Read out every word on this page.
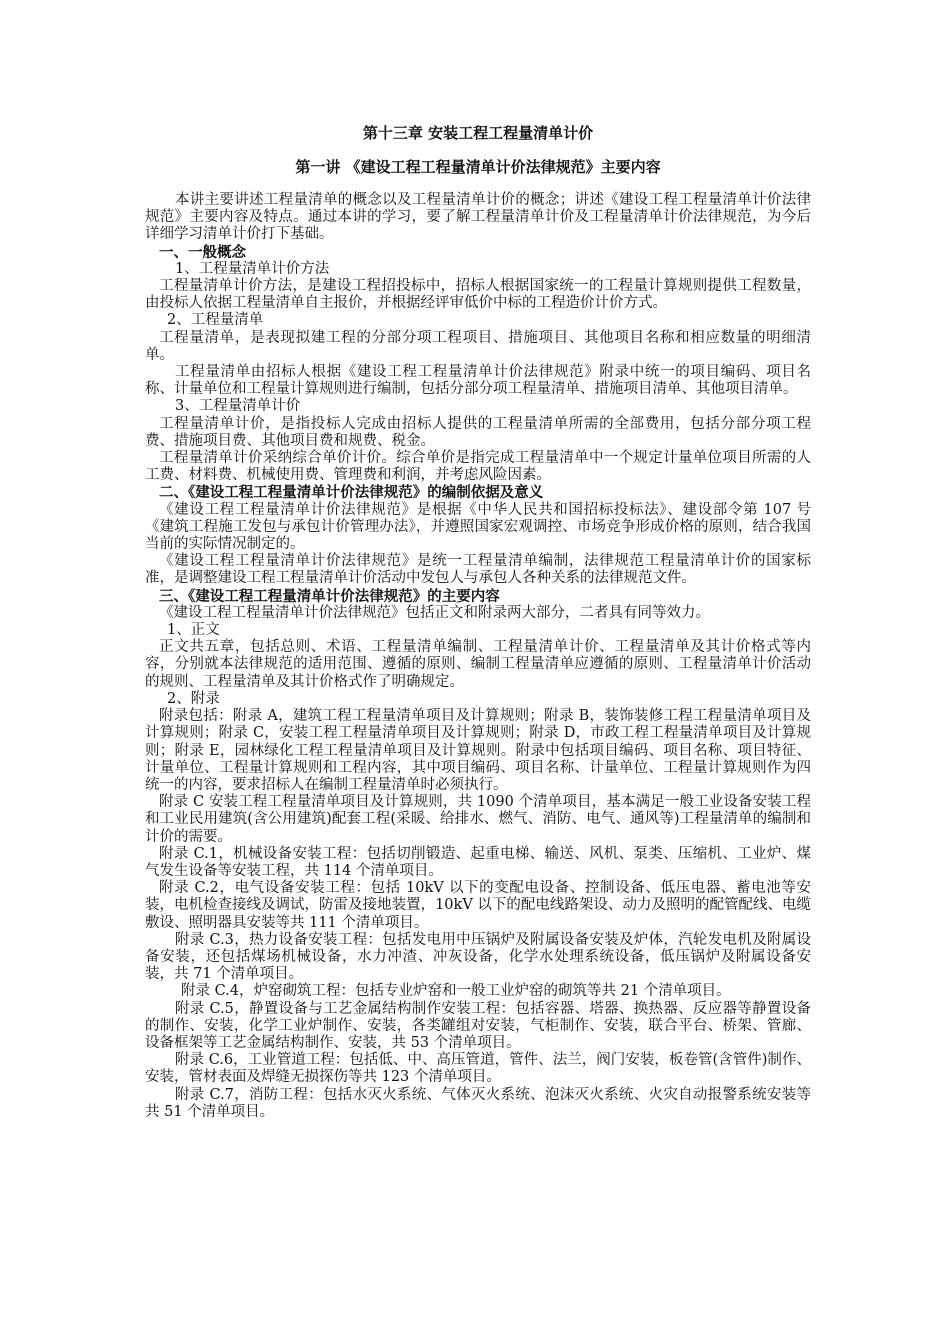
第十三章 安装工程工程量清单计价
第一讲 《建设工程工程量清单计价法律规范》主要内容
本讲主要讲述工程量清单的概念以及工程量清单计价的概念；讲述《建设工程工程量清单计价法律规范》主要内容及特点。通过本讲的学习，要了解工程量清单计价及工程量清单计价法律规范，为今后详细学习清单计价打下基础。
一、一般概念
1、工程量清单计价方法
工程量清单计价方法，是建设工程招投标中，招标人根据国家统一的工程量计算规则提供工程数量，由投标人依据工程量清单自主报价，并根据经评审低价中标的工程造价计价方式。
2、工程量清单
工程量清单，是表现拟建工程的分部分项工程项目、措施项目、其他项目名称和相应数量的明细清单。
工程量清单由招标人根据《建设工程工程量清单计价法律规范》附录中统一的项目编码、项目名称、计量单位和工程量计算规则进行编制，包括分部分项工程量清单、措施项目清单、其他项目清单。
3、工程量清单计价
工程量清单计价，是指投标人完成由招标人提供的工程量清单所需的全部费用，包括分部分项工程费、措施项目费、其他项目费和规费、税金。
工程量清单计价采纳综合单价计价。综合单价是指完成工程量清单中一个规定计量单位项目所需的人工费、材料费、机械使用费、管理费和利润，并考虑风险因素。
二、《建设工程工程量清单计价法律规范》的编制依据及意义
《建设工程工程量清单计价法律规范》是根据《中华人民共和国招标投标法》、建设部令第 107 号《建筑工程施工发包与承包计价管理办法》，并遵照国家宏观调控、市场竞争形成价格的原则，结合我国当前的实际情况制定的。
《建设工程工程量清单计价法律规范》是统一工程量清单编制，法律规范工程量清单计价的国家标准，是调整建设工程工程量清单计价活动中发包人与承包人各种关系的法律规范文件。
三、《建设工程工程量清单计价法律规范》的主要内容
《建设工程工程量清单计价法律规范》包括正文和附录两大部分，二者具有同等效力。
1、正文
正文共五章，包括总则、术语、工程量清单编制、工程量清单计价、工程量清单及其计价格式等内容，分别就本法律规范的适用范围、遵循的原则、编制工程量清单应遵循的原则、工程量清单计价活动的规则、工程量清单及其计价格式作了明确规定。
2、附录
附录包括：附录 A，建筑工程工程量清单项目及计算规则；附录 B，装饰装修工程工程量清单项目及计算规则；附录 C，安装工程工程量清单项目及计算规则；附录 D，市政工程工程量清单项目及计算规则；附录 E，园林绿化工程工程量清单项目及计算规则。附录中包括项目编码、项目名称、项目特征、计量单位、工程量计算规则和工程内容，其中项目编码、项目名称、计量单位、工程量计算规则作为四统一的内容，要求招标人在编制工程量清单时必须执行。
附录 C 安装工程工程量清单项目及计算规则，共 1090 个清单项目，基本满足一般工业设备安装工程和工业民用建筑(含公用建筑)配套工程(采暖、给排水、燃气、消防、电气、通风等)工程量清单的编制和计价的需要。
附录 C.1，机械设备安装工程：包括切削锻造、起重电梯、输送、风机、泵类、压缩机、工业炉、煤气发生设备等安装工程，共 114 个清单项目。
附录 C.2，电气设备安装工程：包括 10kV 以下的变配电设备、控制设备、低压电器、蓄电池等安装，电机检查接线及调试，防雷及接地装置，10kV 以下的配电线路架设、动力及照明的配管配线、电缆敷设、照明器具安装等共 111 个清单项目。
附录 C.3，热力设备安装工程：包括发电用中压锅炉及附属设备安装及炉体，汽轮发电机及附属设备安装，还包括煤场机械设备，水力冲渣、冲灰设备，化学水处理系统设备，低压锅炉及附属设备安装，共 71 个清单项目。
附录 C.4，炉窑砌筑工程：包括专业炉窑和一般工业炉窑的砌筑等共 21 个清单项目。
附录 C.5，静置设备与工艺金属结构制作安装工程：包括容器、塔器、换热器、反应器等静置设备的制作、安装，化学工业炉制作、安装，各类罐组对安装，气柜制作、安装，联合平台、桥架、管廊、设备框架等工艺金属结构制作、安装，共 53 个清单项目。
附录 C.6，工业管道工程：包括低、中、高压管道，管件、法兰，阀门安装，板卷管(含管件)制作、安装，管材表面及焊缝无损探伤等共 123 个清单项目。
附录 C.7，消防工程：包括水灭火系统、气体灭火系统、泡沫灭火系统、火灾自动报警系统安装等共 51 个清单项目。
